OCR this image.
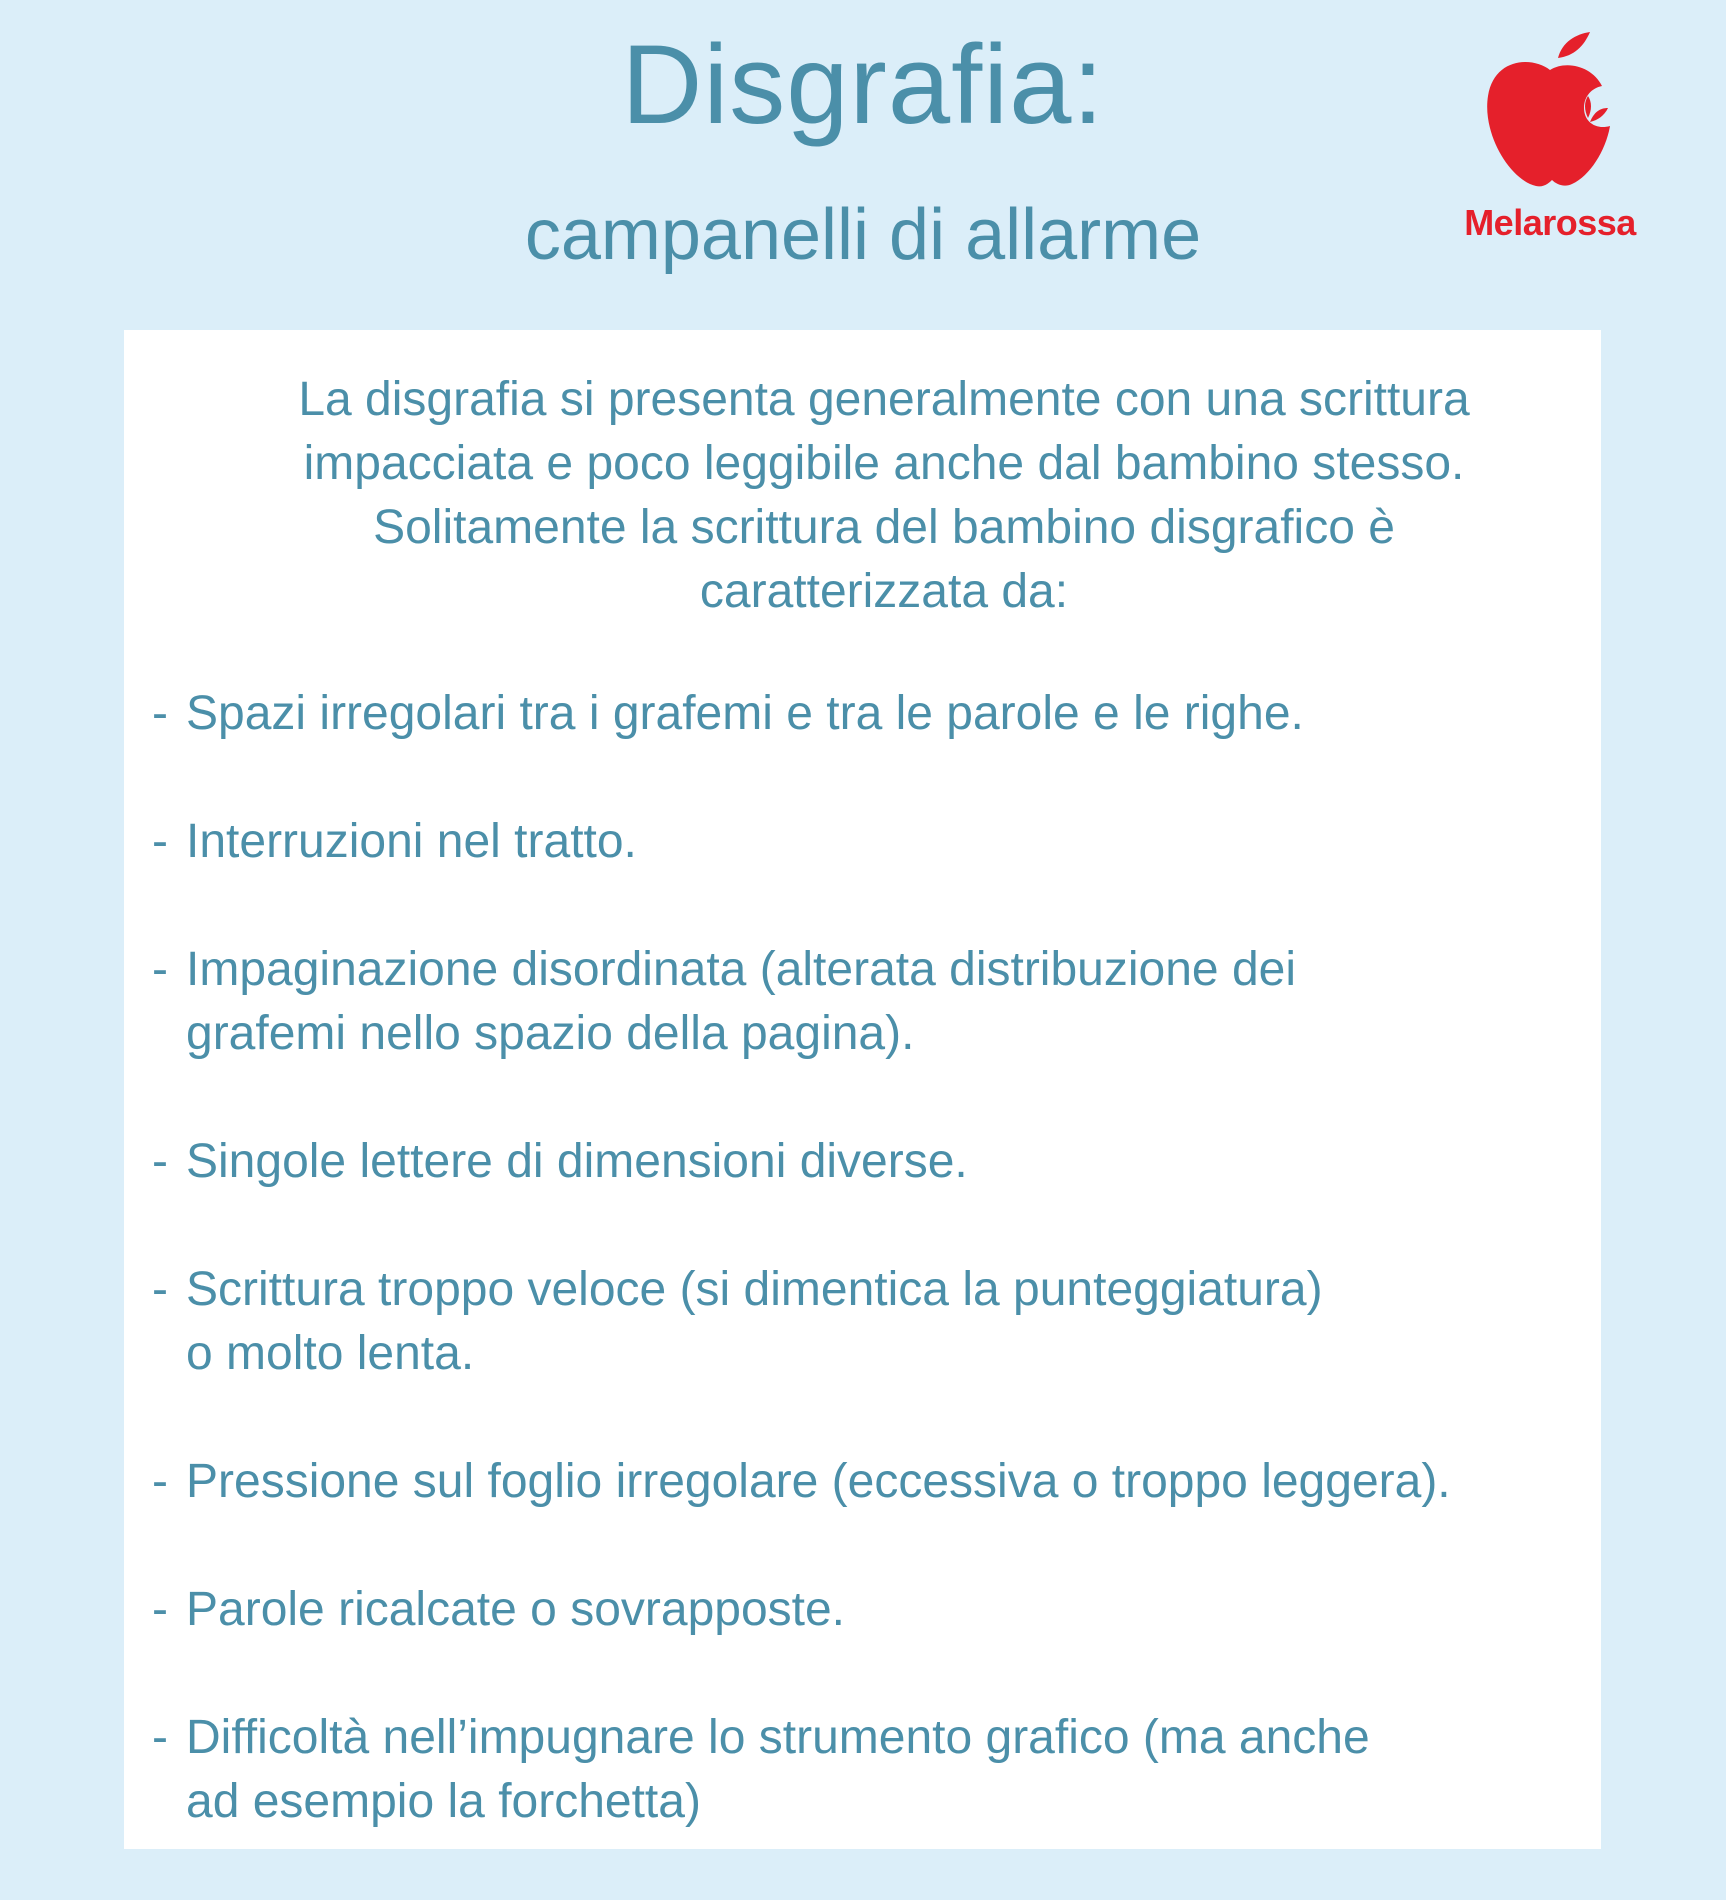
Disgrafia:
campanelli di allarme	Melarossa
La disgrafia si presenta generalmente con una scrittura
impacciata e poco leggibile anche dal bambino stesso.
Solitamente la scrittura del bambino disgrafico è
caratterizzata da:
- Spazi irregolari tra i grafemi e tra le parole e le righe.
- Interruzioni nel tratto.
- Impaginazione disordinata (alterata distribuzione dei
grafemi nello spazio della pagina).
- Singole lettere di dimensioni diverse.
- Scrittura troppo veloce (si dimentica la punteggiatura)
o molto lenta.
- Pressione sul foglio irregolare (eccessiva o troppo leggera).
- Parole ricalcate o sovrapposte.
- Difficoltà nell’impugnare lo strumento grafico (ma anche
ad esempio la forchetta)
